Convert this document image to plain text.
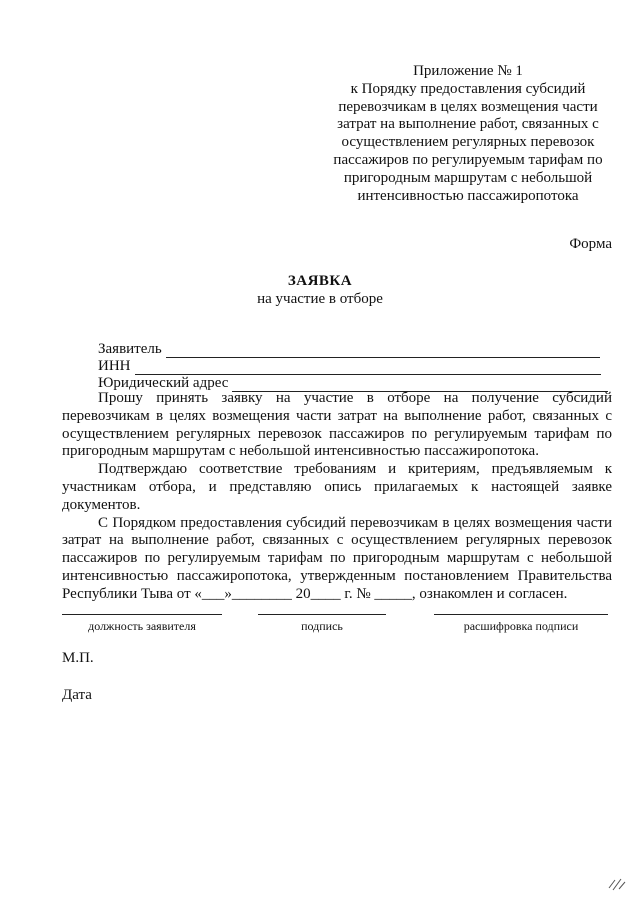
Приложение № 1
к Порядку предоставления субсидий
перевозчикам в целях возмещения части
затрат на выполнение работ, связанных с
осуществлением регулярных перевозок
пассажиров по регулируемым тарифам по
пригородным маршрутам с небольшой
интенсивностью пассажиропотока
Форма
ЗАЯВКА
на участие в отборе
Заявитель
ИНН
Юридический адрес

Прошу принять заявку на участие в отборе на получение субсидий перевозчикам в целях возмещения части затрат на выполнение работ, связанных с осуществлением регулярных перевозок пассажиров по регулируемым тарифам по пригородным маршрутам с небольшой интенсивностью пассажиропотока.

Подтверждаю соответствие требованиям и критериям, предъявляемым к участникам отбора, и представляю опись прилагаемых к настоящей заявке документов.

С Порядком предоставления субсидий перевозчикам в целях возмещения части затрат на выполнение работ, связанных с осуществлением регулярных перевозок пассажиров по регулируемым тарифам по пригородным маршрутам с небольшой интенсивностью пассажиропотока, утвержденным постановлением Правительства Республики Тыва от «___»________ 20____ г. № _____, ознакомлен и согласен.

должность заявителя	подпись	расшифровка подписи
М.П.
Дата
